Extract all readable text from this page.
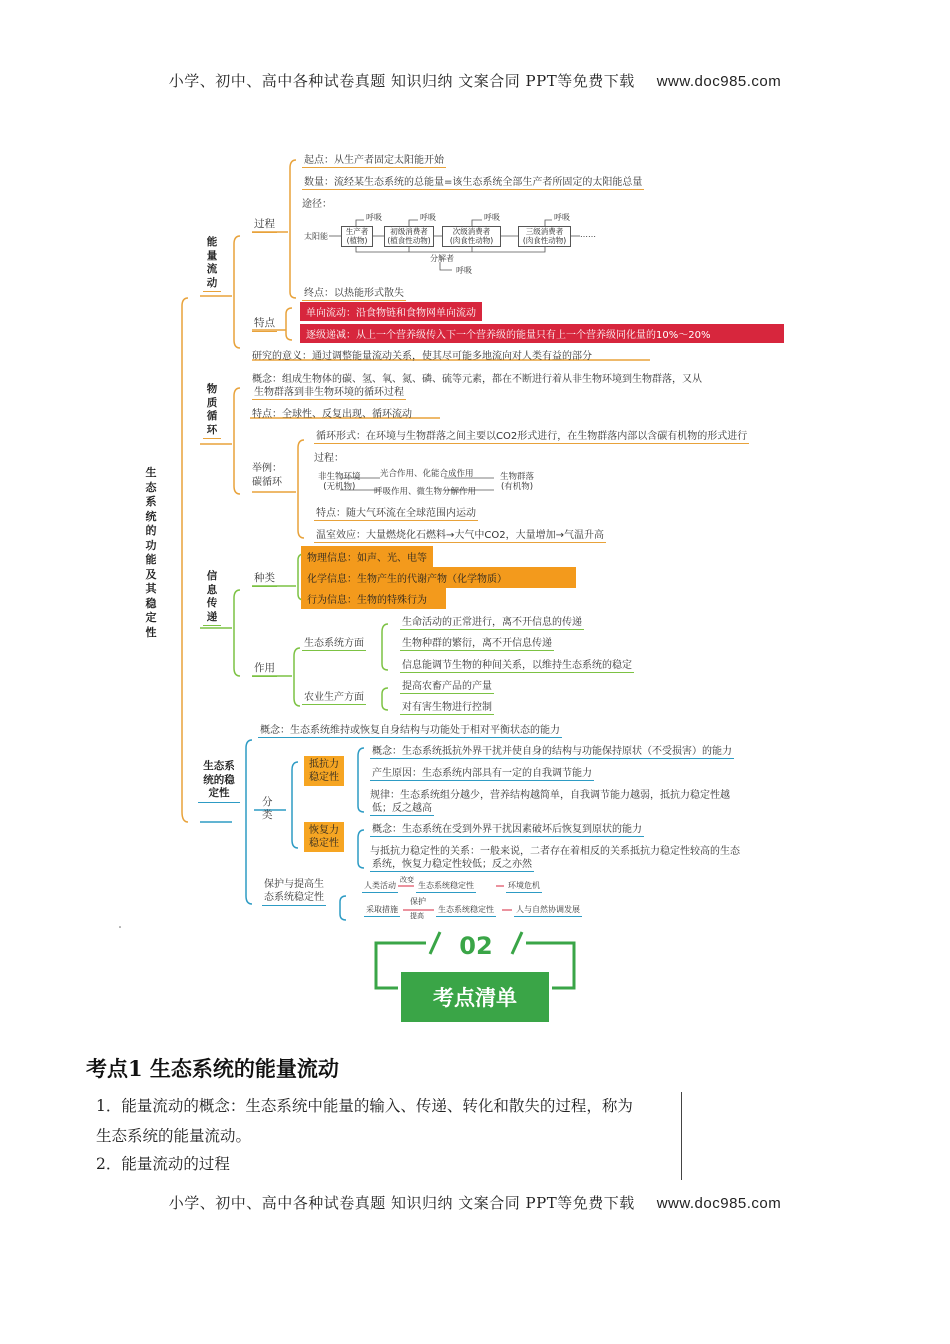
小学、初中、高中各种试卷真题 知识归纳 文案合同 PPT等免费下载 www.doc985.com
生态系统的功能及其稳定性
能量流动
过程
起点：从生产者固定太阳能开始
数量：流经某生态系统的总能量=该生态系统全部生产者所固定的太阳能总量
途径：
太阳能
生产者
(植物)
初级消费者
(植食性动物)
次级消费者
(肉食性动物)
三级消费者
(肉食性动物)
……
呼吸	呼吸	呼吸	呼吸
分解者
呼吸
终点：以热能形式散失
特点
单向流动：沿食物链和食物网单向流动
逐级递减：从上一个营养级传入下一个营养级的能量只有上一个营养级同化量的10%～20%
研究的意义：通过调整能量流动关系，使其尽可能多地流向对人类有益的部分
物质循环
概念：组成生物体的碳、氢、氧、氮、磷、硫等元素，都在不断进行着从非生物环境到生物群落，又从
生物群落到非生物环境的循环过程
特点：全球性、反复出现、循环流动
举例：
碳循环
循环形式：在环境与生物群落之间主要以CO2形式进行，在生物群落内部以含碳有机物的形式进行
过程：
非生物环境
(无机物)
光合作用、化能合成作用
呼吸作用、微生物分解作用
生物群落
(有机物)
特点：随大气环流在全球范围内运动
温室效应：大量燃烧化石燃料→大气中CO2，大量增加→气温升高
信息传递
种类
物理信息：如声、光、电等
化学信息：生物产生的代谢产物（化学物质）
行为信息：生物的特殊行为
作用
生态系统方面
生命活动的正常进行，离不开信息的传递
生物种群的繁衍，离不开信息传递
信息能调节生物的种间关系，以维持生态系统的稳定
农业生产方面
提高农畜产品的产量
对有害生物进行控制
生态系统的稳定性
概念：生态系统维持或恢复自身结构与功能处于相对平衡状态的能力
分类
抵抗力
稳定性
概念：生态系统抵抗外界干扰并使自身的结构与功能保持原状（不受损害）的能力
产生原因：生态系统内部具有一定的自我调节能力
规律：生态系统组分越少，营养结构越简单，自我调节能力越弱，抵抗力稳定性越
低；反之越高
恢复力
稳定性
概念：生态系统在受到外界干扰因素破坏后恢复到原状的能力
与抵抗力稳定性的关系：一般来说，二者存在着相反的关系抵抗力稳定性较高的生态
系统，恢复力稳定性较低；反之亦然
保护与提高生
态系统稳定性
人类活动
改变
生态系统稳定性	环境危机
采取措施
保护
提高
生态系统稳定性	人与自然协调发展
02
考点清单
考点1 生态系统的能量流动
1．能量流动的概念：生态系统中能量的输入、传递、转化和散失的过程，称为
生态系统的能量流动。
2．能量流动的过程
小学、初中、高中各种试卷真题 知识归纳 文案合同 PPT等免费下载 www.doc985.com
